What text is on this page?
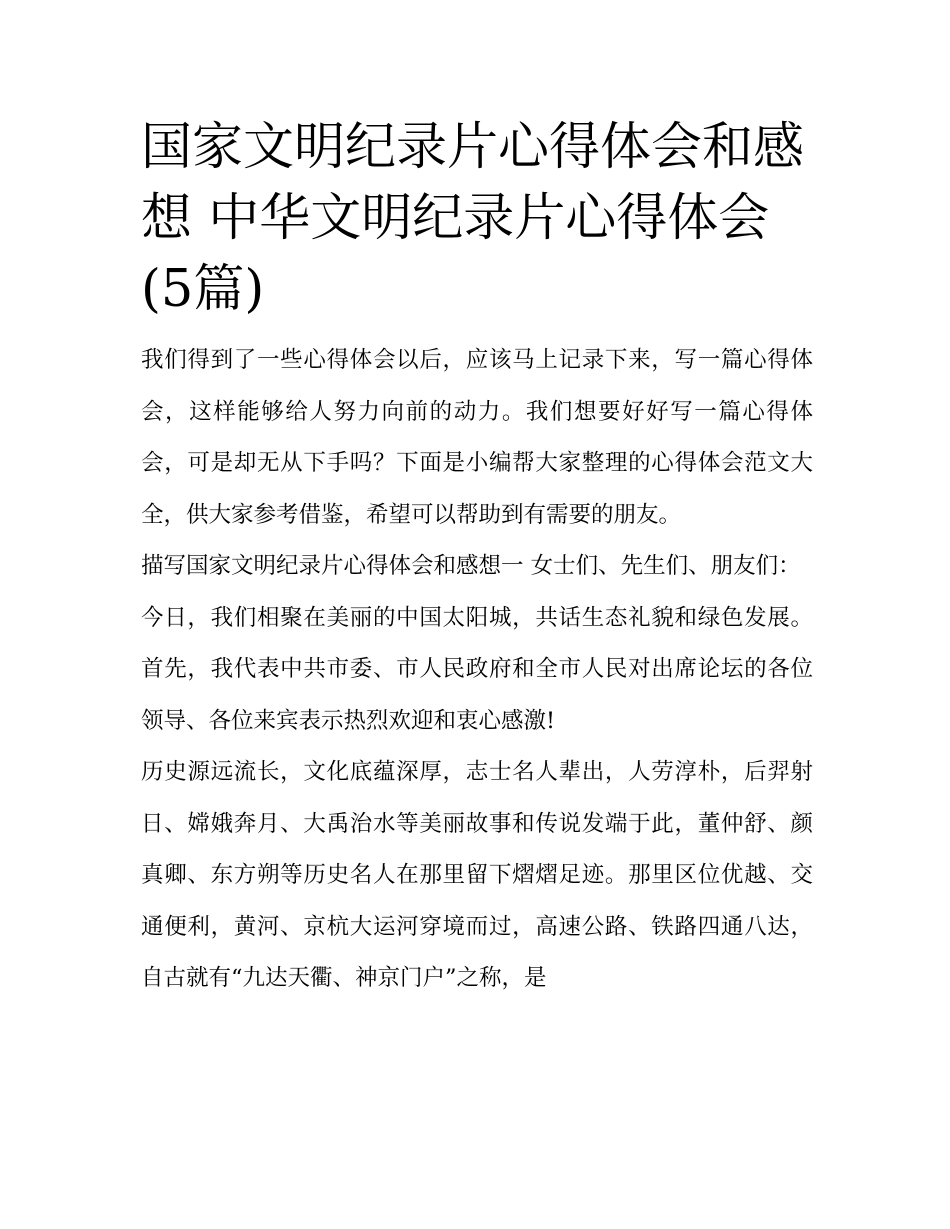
国家文明纪录片心得体会和感想 中华文明纪录片心得体会(5篇)

我们得到了一些心得体会以后，应该马上记录下来，写一篇心得体会，这样能够给人努力向前的动力。我们想要好好写一篇心得体会，可是却无从下手吗？下面是小编帮大家整理的心得体会范文大全，供大家参考借鉴，希望可以帮助到有需要的朋友。

描写国家文明纪录片心得体会和感想一 女士们、先生们、朋友们：

今日，我们相聚在美丽的中国太阳城，共话生态礼貌和绿色发展。首先，我代表中共市委、市人民政府和全市人民对出席论坛的各位领导、各位来宾表示热烈欢迎和衷心感激!

历史源远流长，文化底蕴深厚，志士名人辈出，人劳淳朴，后羿射日、嫦娥奔月、大禹治水等美丽故事和传说发端于此，董仲舒、颜真卿、东方朔等历史名人在那里留下熠熠足迹。那里区位优越、交通便利，黄河、京杭大运河穿境而过，高速公路、铁路四通八达，自古就有“九达天衢、神京门户”之称，是
